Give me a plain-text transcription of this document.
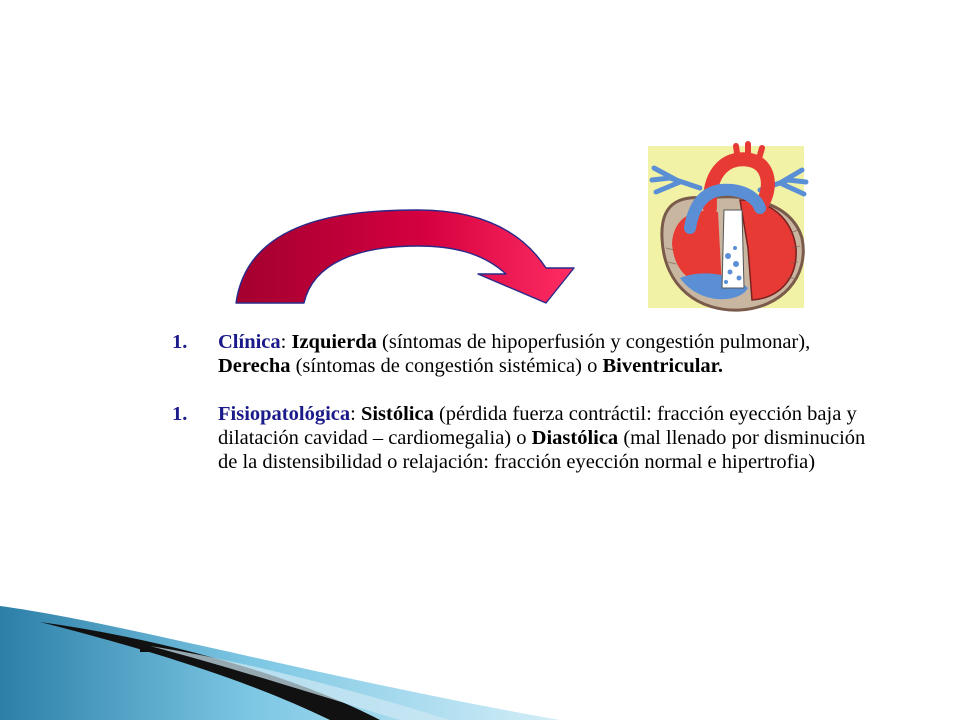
1. Clínica: Izquierda (síntomas de hipoperfusión y congestión pulmonar), Derecha (síntomas de congestión sistémica) o Biventricular.
1. Fisiopatológica: Sistólica (pérdida fuerza contráctil: fracción eyección baja y dilatación cavidad – cardiomegalia) o Diastólica (mal llenado por disminución de la distensibilidad o relajación: fracción eyección normal e hipertrofia)
